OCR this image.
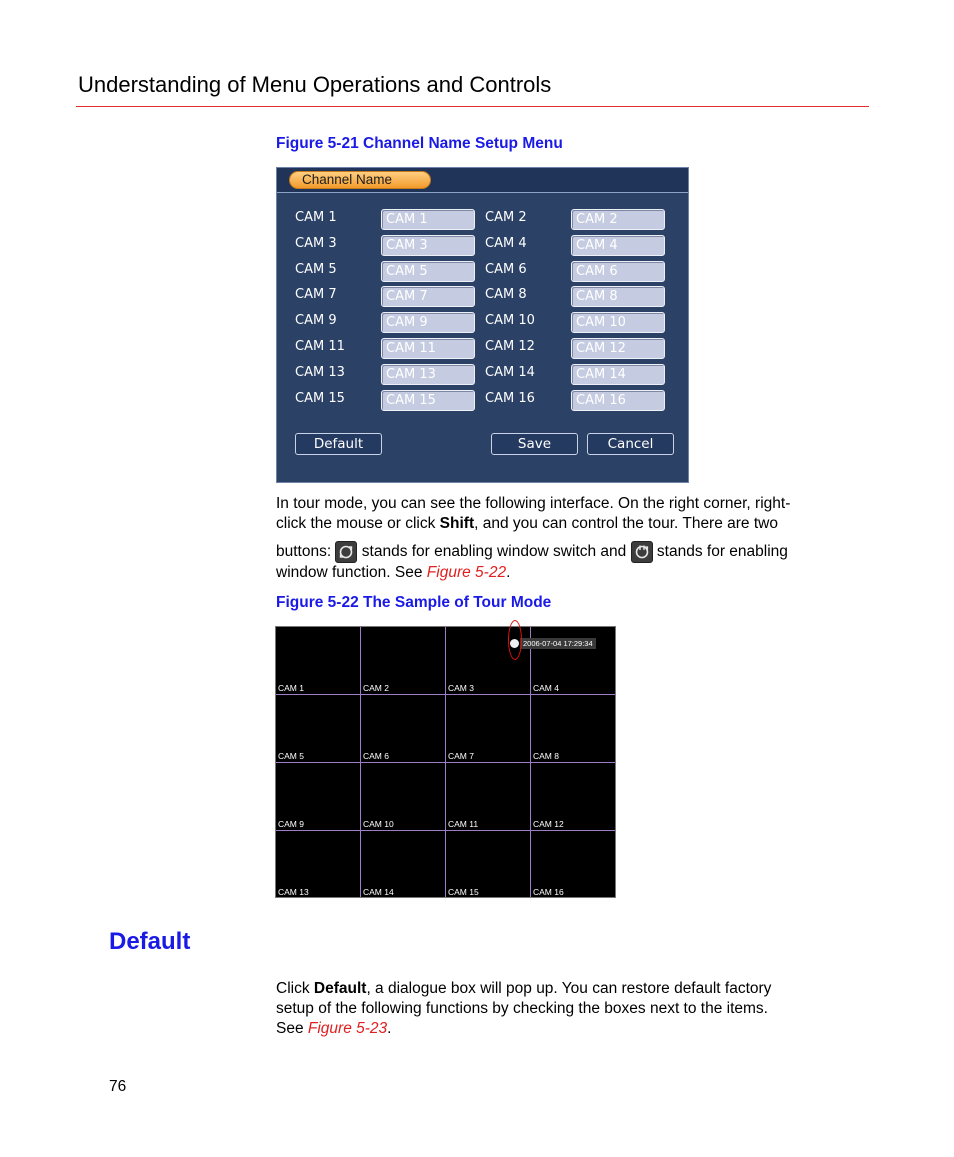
Understanding of Menu Operations and Controls
Figure 5-21 Channel Name Setup Menu
Channel Name
CAM 1	CAM 1	CAM 2	CAM 2
CAM 3	CAM 3	CAM 4	CAM 4
CAM 5	CAM 5	CAM 6	CAM 6
CAM 7	CAM 7	CAM 8	CAM 8
CAM 9	CAM 9	CAM 10	CAM 10
CAM 11	CAM 11	CAM 12	CAM 12
CAM 13	CAM 13	CAM 14	CAM 14
CAM 15	CAM 15	CAM 16	CAM 16
Default	Save	Cancel
In tour mode, you can see the following interface. On the right corner, right-
click the mouse or click Shift, and you can control the tour. There are two
buttons:  stands for enabling window switch and  stands for enabling
window function. See Figure 5-22.
Figure 5-22 The Sample of Tour Mode
CAM 1	CAM 2	CAM 3	CAM 4
CAM 5	CAM 6	CAM 7	CAM 8
CAM 9	CAM 10	CAM 11	CAM 12
CAM 13	CAM 14	CAM 15	CAM 16
2006-07-04 17:29:34
Default
Click Default, a dialogue box will pop up. You can restore default factory
setup of the following functions by checking the boxes next to the items.
See Figure 5-23.
76
